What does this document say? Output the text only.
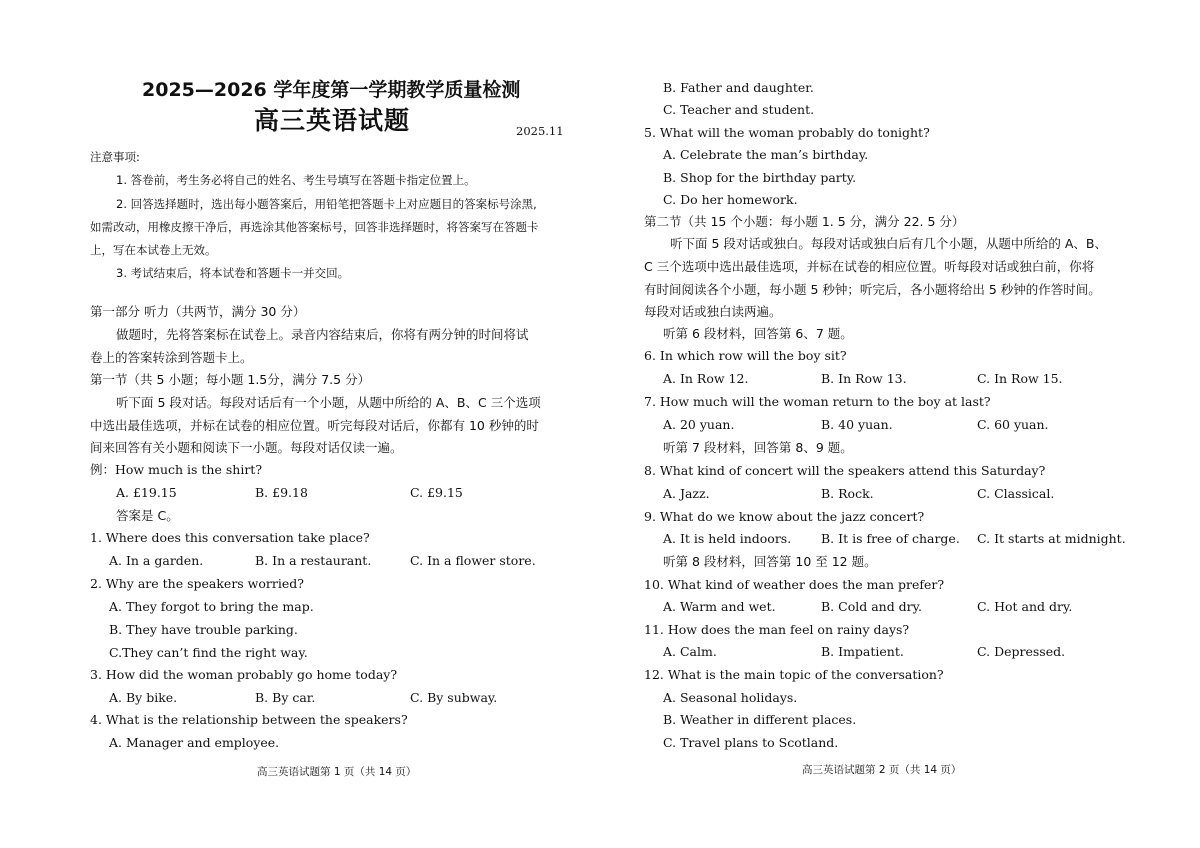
2025—2026 学年度第一学期教学质量检测
高三英语试题	2025.11
注意事项:
1. 答卷前，考生务必将自己的姓名、考生号填写在答题卡指定位置上。
2. 回答选择题时，选出每小题答案后，用铅笔把答题卡上对应题目的答案标号涂黑,
如需改动，用橡皮擦干净后，再选涂其他答案标号，回答非选择题时，将答案写在答题卡
上，写在本试卷上无效。
3. 考试结束后，将本试卷和答题卡一并交回。
第一部分 听力（共两节，满分 30 分）
做题时，先将答案标在试卷上。录音内容结束后，你将有两分钟的时间将试
卷上的答案转涂到答题卡上。
第一节（共 5 小题；每小题 1.5分，满分 7.5 分）
听下面 5 段对话。每段对话后有一个小题，从题中所给的 A、B、C 三个选项
中选出最佳选项，并标在试卷的相应位置。听完每段对话后，你都有 10 秒钟的时
间来回答有关小题和阅读下一小题。每段对话仅读一遍。
例：How much is the shirt?
A. £19.15	B. £9.18	C. £9.15
答案是 C。
1. Where does this conversation take place?
A. In a garden.	B. In a restaurant.	C. In a flower store.
2. Why are the speakers worried?
A. They forgot to bring the map.
B. They have trouble parking.
C.They can’t find the right way.
3. How did the woman probably go home today?
A. By bike.	B. By car.	C. By subway.
4. What is the relationship between the speakers?
A. Manager and employee.
高三英语试题第 1 页（共 14 页）
B. Father and daughter.
C. Teacher and student.
5. What will the woman probably do tonight?
A. Celebrate the man’s birthday.
B. Shop for the birthday party.
C. Do her homework.
第二节（共 15 个小题：每小题 1. 5 分，满分 22. 5 分）
听下面 5 段对话或独白。每段对话或独白后有几个小题，从题中所给的 A、B、
C 三个选项中选出最佳选项，并标在试卷的相应位置。听每段对话或独白前，你将
有时间阅读各个小题，每小题 5 秒钟；听完后，各小题将给出 5 秒钟的作答时间。
每段对话或独白读两遍。
听第 6 段材料，回答第 6、7 题。
6. In which row will the boy sit?
A. In Row 12.	B. In Row 13.	C. In Row 15.
7. How much will the woman return to the boy at last?
A. 20 yuan.	B. 40 yuan.	C. 60 yuan.
听第 7 段材料，回答第 8、9 题。
8. What kind of concert will the speakers attend this Saturday?
A. Jazz.	B. Rock.	C. Classical.
9. What do we know about the jazz concert?
A. It is held indoors. B. It is free of charge. C. It starts at midnight.
听第 8 段材料，回答第 10 至 12 题。
10. What kind of weather does the man prefer?
A. Warm and wet.	B. Cold and dry.	C. Hot and dry.
11. How does the man feel on rainy days?
A. Calm.	B. Impatient.	C. Depressed.
12. What is the main topic of the conversation?
A. Seasonal holidays.
B. Weather in different places.
C. Travel plans to Scotland.
高三英语试题第 2 页（共 14 页）
